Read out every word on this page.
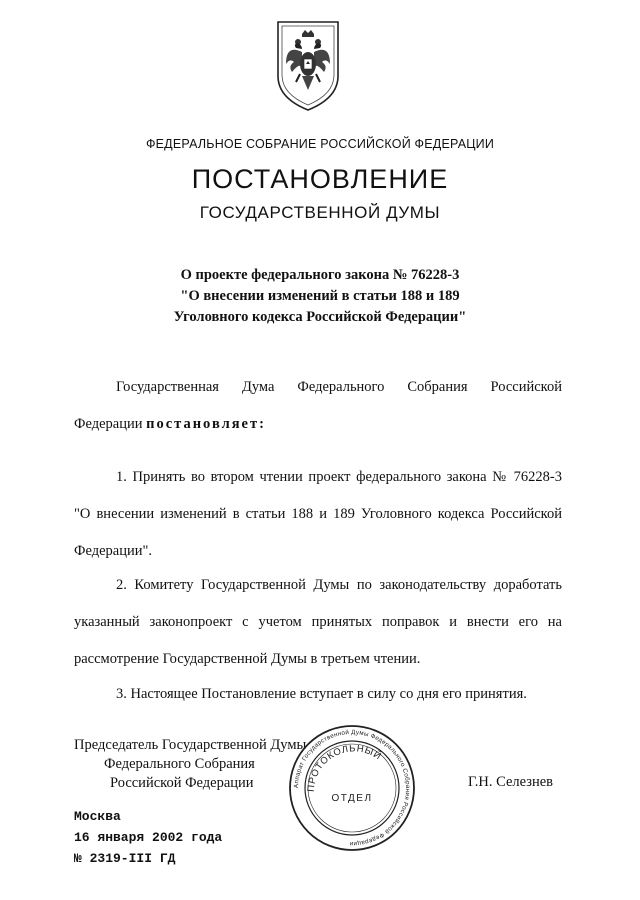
ФЕДЕРАЛЬНОЕ СОБРАНИЕ РОССИЙСКОЙ ФЕДЕРАЦИИ
ПОСТАНОВЛЕНИЕ
ГОСУДАРСТВЕННОЙ ДУМЫ
О проекте федерального закона № 76228-3
"О внесении изменений в статьи 188 и 189
Уголовного кодекса Российской Федерации"
Государственная Дума Федерального Собрания Российской
Федерации постановляет:
1. Принять во втором чтении проект федерального закона № 76228-3 "О внесении изменений в статьи 188 и 189 Уголовного кодекса Российской Федерации".
2. Комитету Государственной Думы по законодательству доработать указанный законопроект с учетом принятых поправок и внести его на рассмотрение Государственной Думы в третьем чтении.
3. Настоящее Постановление вступает в силу со дня его принятия.
Председатель Государственной Думы
Федерального Собрания
Российской Федерации	Г.Н. Селезнев
Аппарат Государственной Думы Федерального Собрания Российской Федерации
ПРОТОКОЛЬНЫЙ
ОТДЕЛ
Москва
16 января 2002 года
№ 2319-III ГД
